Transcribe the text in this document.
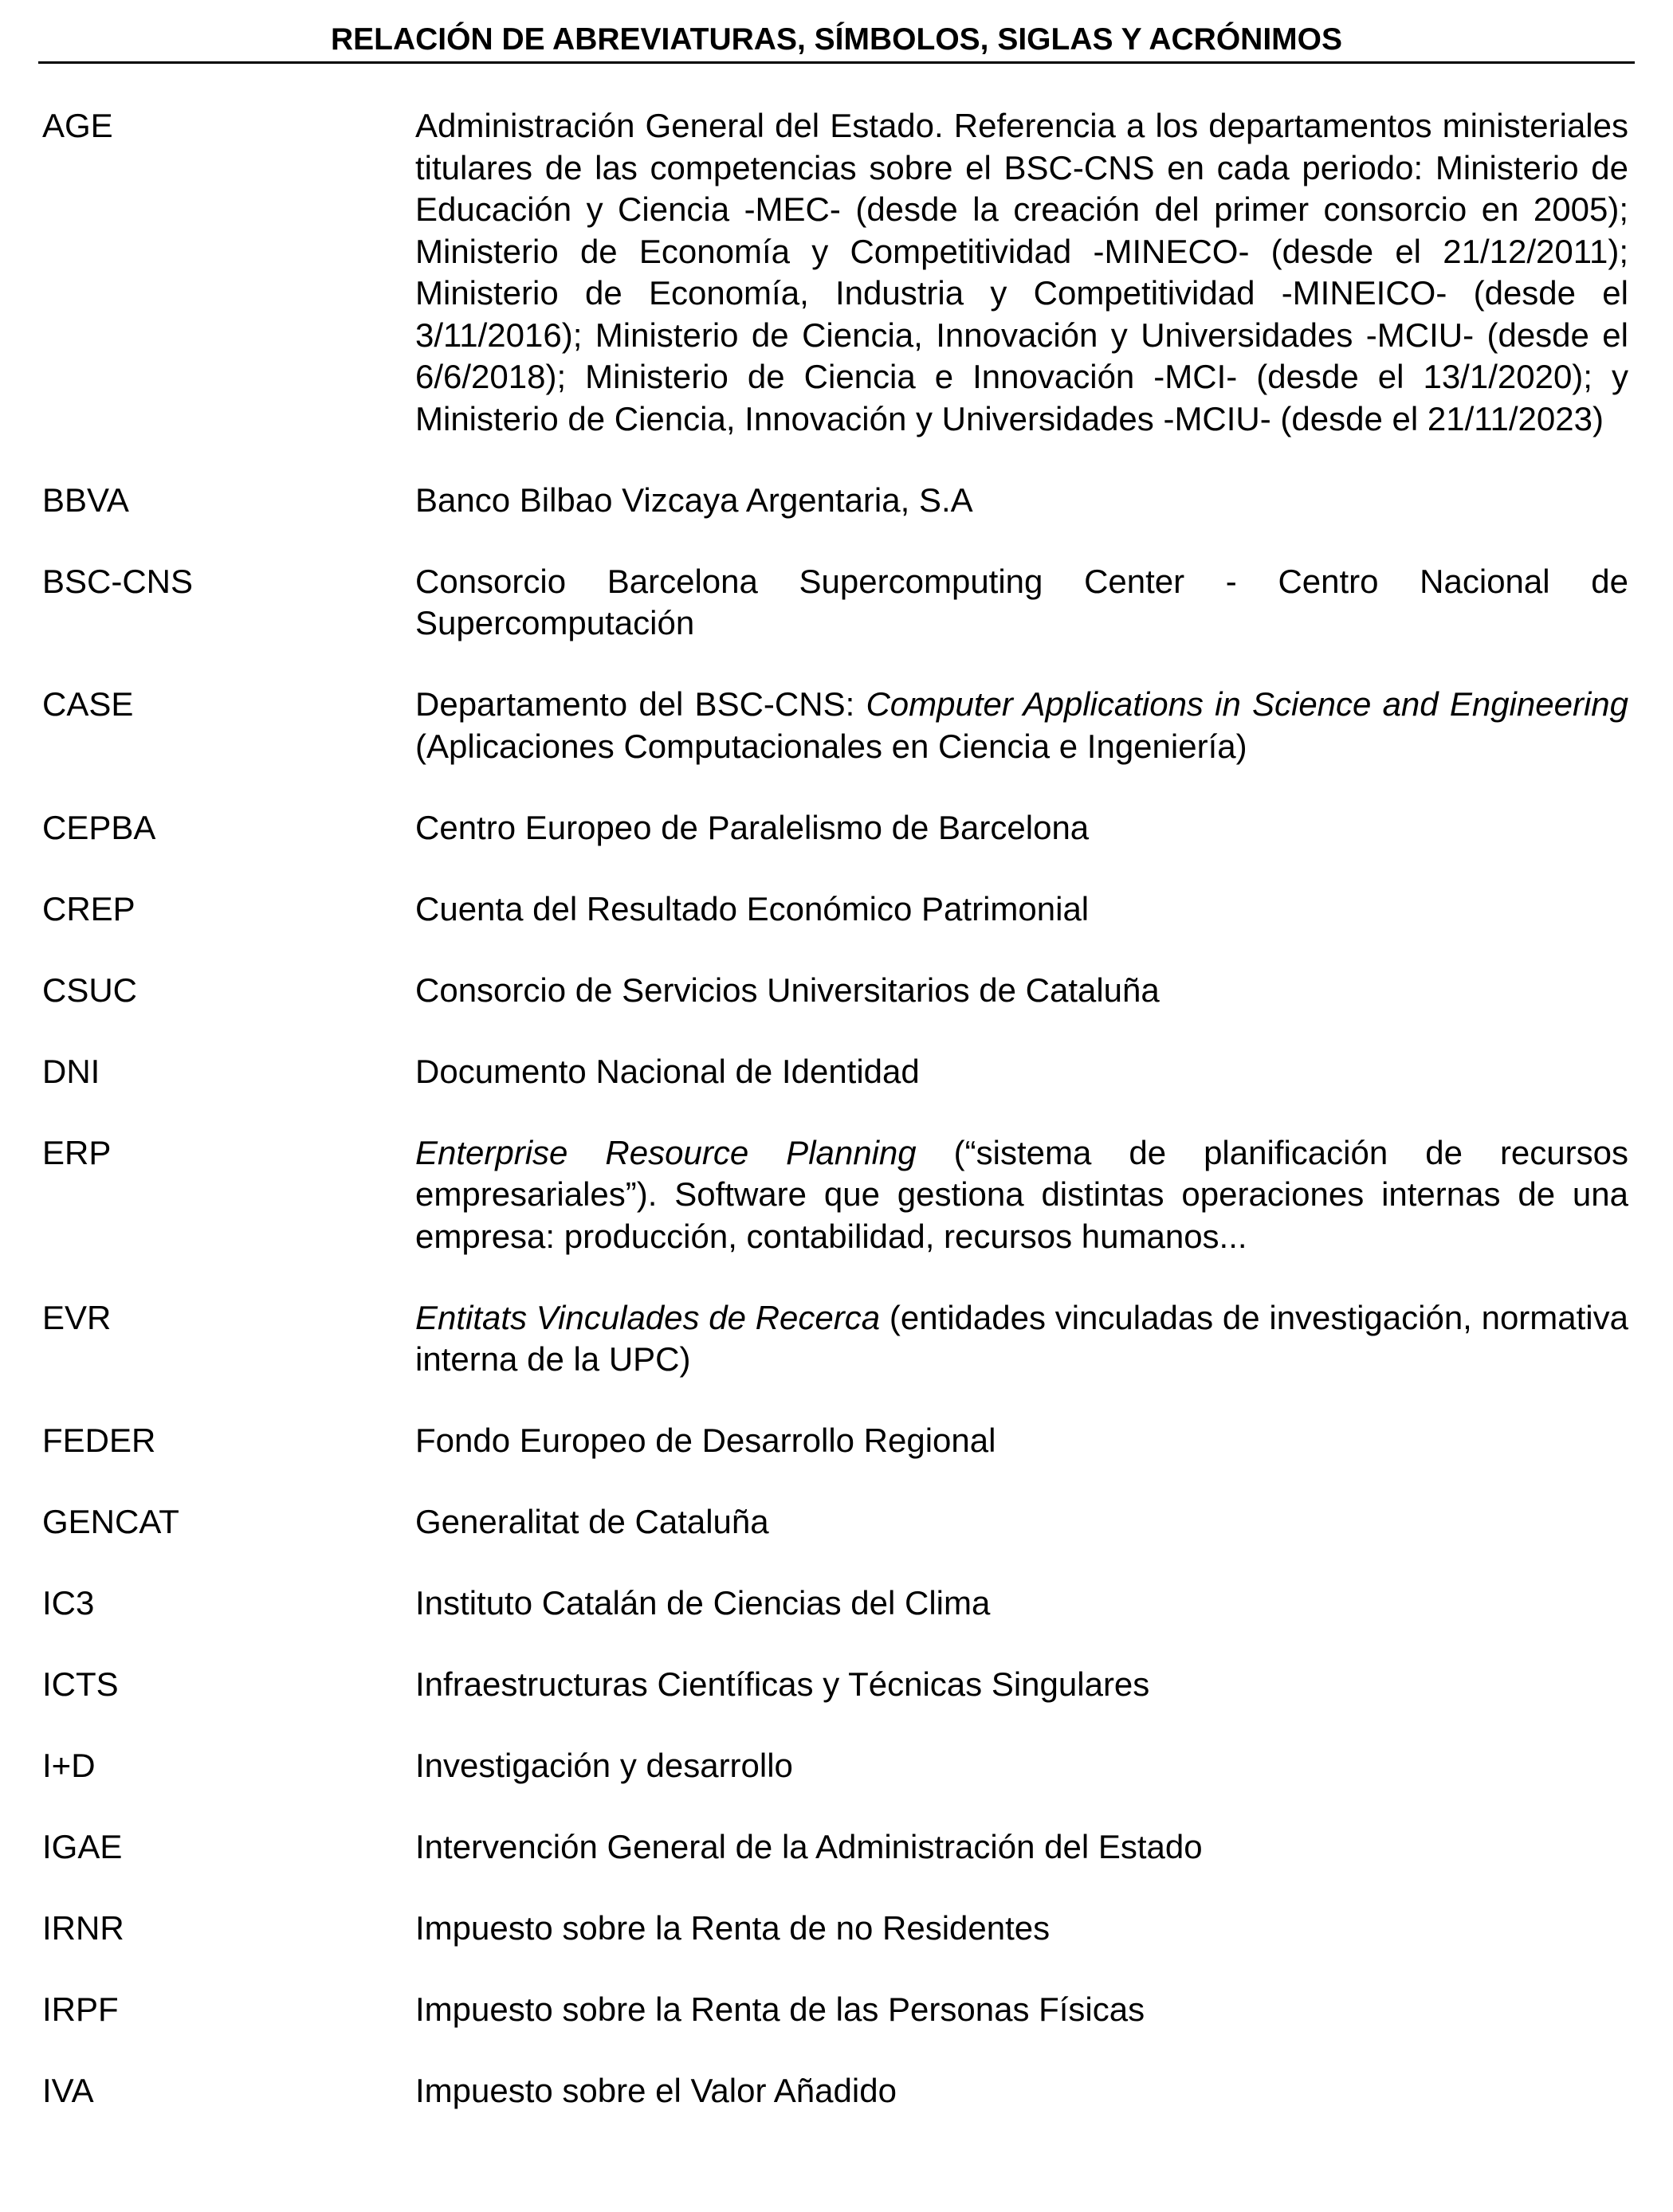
RELACIÓN DE ABREVIATURAS, SÍMBOLOS, SIGLAS Y ACRÓNIMOS
AGE	Administración General del Estado. Referencia a los departamentos ministeriales titulares de las competencias sobre el BSC-CNS en cada periodo: Ministerio de Educación y Ciencia -MEC- (desde la creación del primer consorcio en 2005); Ministerio de Economía y Competitividad -MINECO- (desde el 21/12/2011); Ministerio de Economía, Industria y Competitividad -MINEICO- (desde el 3/11/2016); Ministerio de Ciencia, Innovación y Universidades -MCIU- (desde el 6/6/2018); Ministerio de Ciencia e Innovación -MCI- (desde el 13/1/2020); y Ministerio de Ciencia, Innovación y Universidades -MCIU- (desde el 21/11/2023)
BBVA	Banco Bilbao Vizcaya Argentaria, S.A
BSC-CNS	Consorcio Barcelona Supercomputing Center - Centro Nacional de Supercomputación
CASE	Departamento del BSC-CNS: Computer Applications in Science and Engineering (Aplicaciones Computacionales en Ciencia e Ingeniería)
CEPBA	Centro Europeo de Paralelismo de Barcelona
CREP	Cuenta del Resultado Económico Patrimonial
CSUC	Consorcio de Servicios Universitarios de Cataluña
DNI	Documento Nacional de Identidad
ERP	Enterprise Resource Planning (“sistema de planificación de recursos empresariales”). Software que gestiona distintas operaciones internas de una empresa: producción, contabilidad, recursos humanos...
EVR	Entitats Vinculades de Recerca (entidades vinculadas de investigación, normativa interna de la UPC)
FEDER	Fondo Europeo de Desarrollo Regional
GENCAT	Generalitat de Cataluña
IC3	Instituto Catalán de Ciencias del Clima
ICTS	Infraestructuras Científicas y Técnicas Singulares
I+D	Investigación y desarrollo
IGAE	Intervención General de la Administración del Estado
IRNR	Impuesto sobre la Renta de no Residentes
IRPF	Impuesto sobre la Renta de las Personas Físicas
IVA	Impuesto sobre el Valor Añadido
